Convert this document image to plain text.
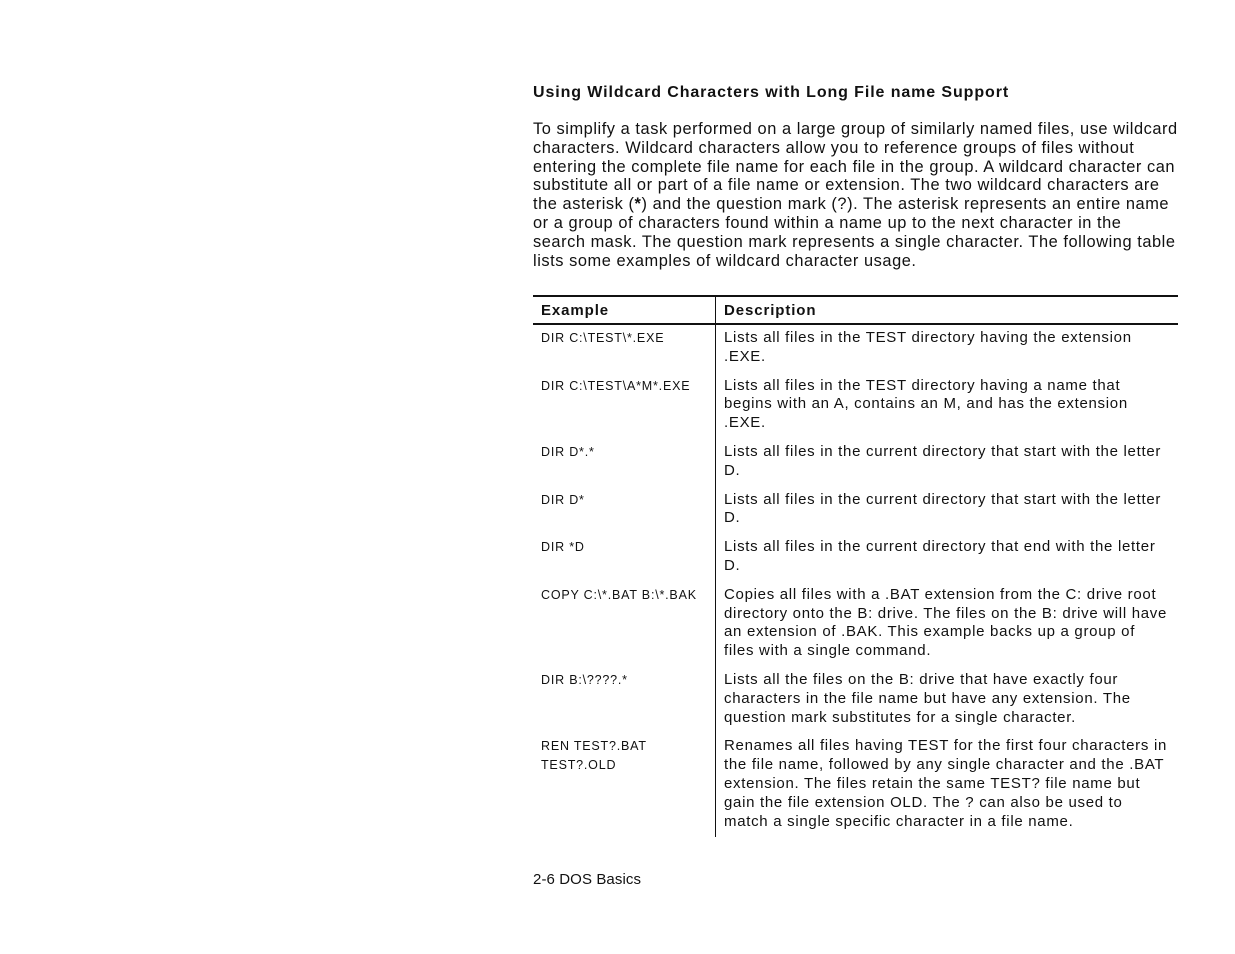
Using Wildcard Characters with Long File name Support

To simplify a task performed on a large group of similarly named files, use wildcard characters. Wildcard characters allow you to reference groups of files without entering the complete file name for each file in the group. A wildcard character can substitute all or part of a file name or extension. The two wildcard characters are the asterisk (*) and the question mark (?). The asterisk represents an entire name or a group of characters found within a name up to the next character in the search mask. The question mark represents a single character. The following table lists some examples of wildcard character usage.

Example	Description
DIR C:\TEST\*.EXE	Lists all files in the TEST directory having the extension .EXE.
DIR C:\TEST\A*M*.EXE	Lists all files in the TEST directory having a name that begins with an A, contains an M, and has the extension .EXE.
DIR D*.*	Lists all files in the current directory that start with the letter D.
DIR D*	Lists all files in the current directory that start with the letter D.
DIR *D	Lists all files in the current directory that end with the letter D.
COPY C:\*.BAT B:\*.BAK	Copies all files with a .BAT extension from the C: drive root directory onto the B: drive. The files on the B: drive will have an extension of .BAK. This example backs up a group of files with a single command.
DIR B:\????.*	Lists all the files on the B: drive that have exactly four characters in the file name but have any extension. The question mark substitutes for a single character.
REN TEST?.BAT TEST?.OLD	Renames all files having TEST for the first four characters in the file name, followed by any single character and the .BAT extension. The files retain the same TEST? file name but gain the file extension OLD. The ? can also be used to match a single specific character in a file name.
2-6 DOS Basics
